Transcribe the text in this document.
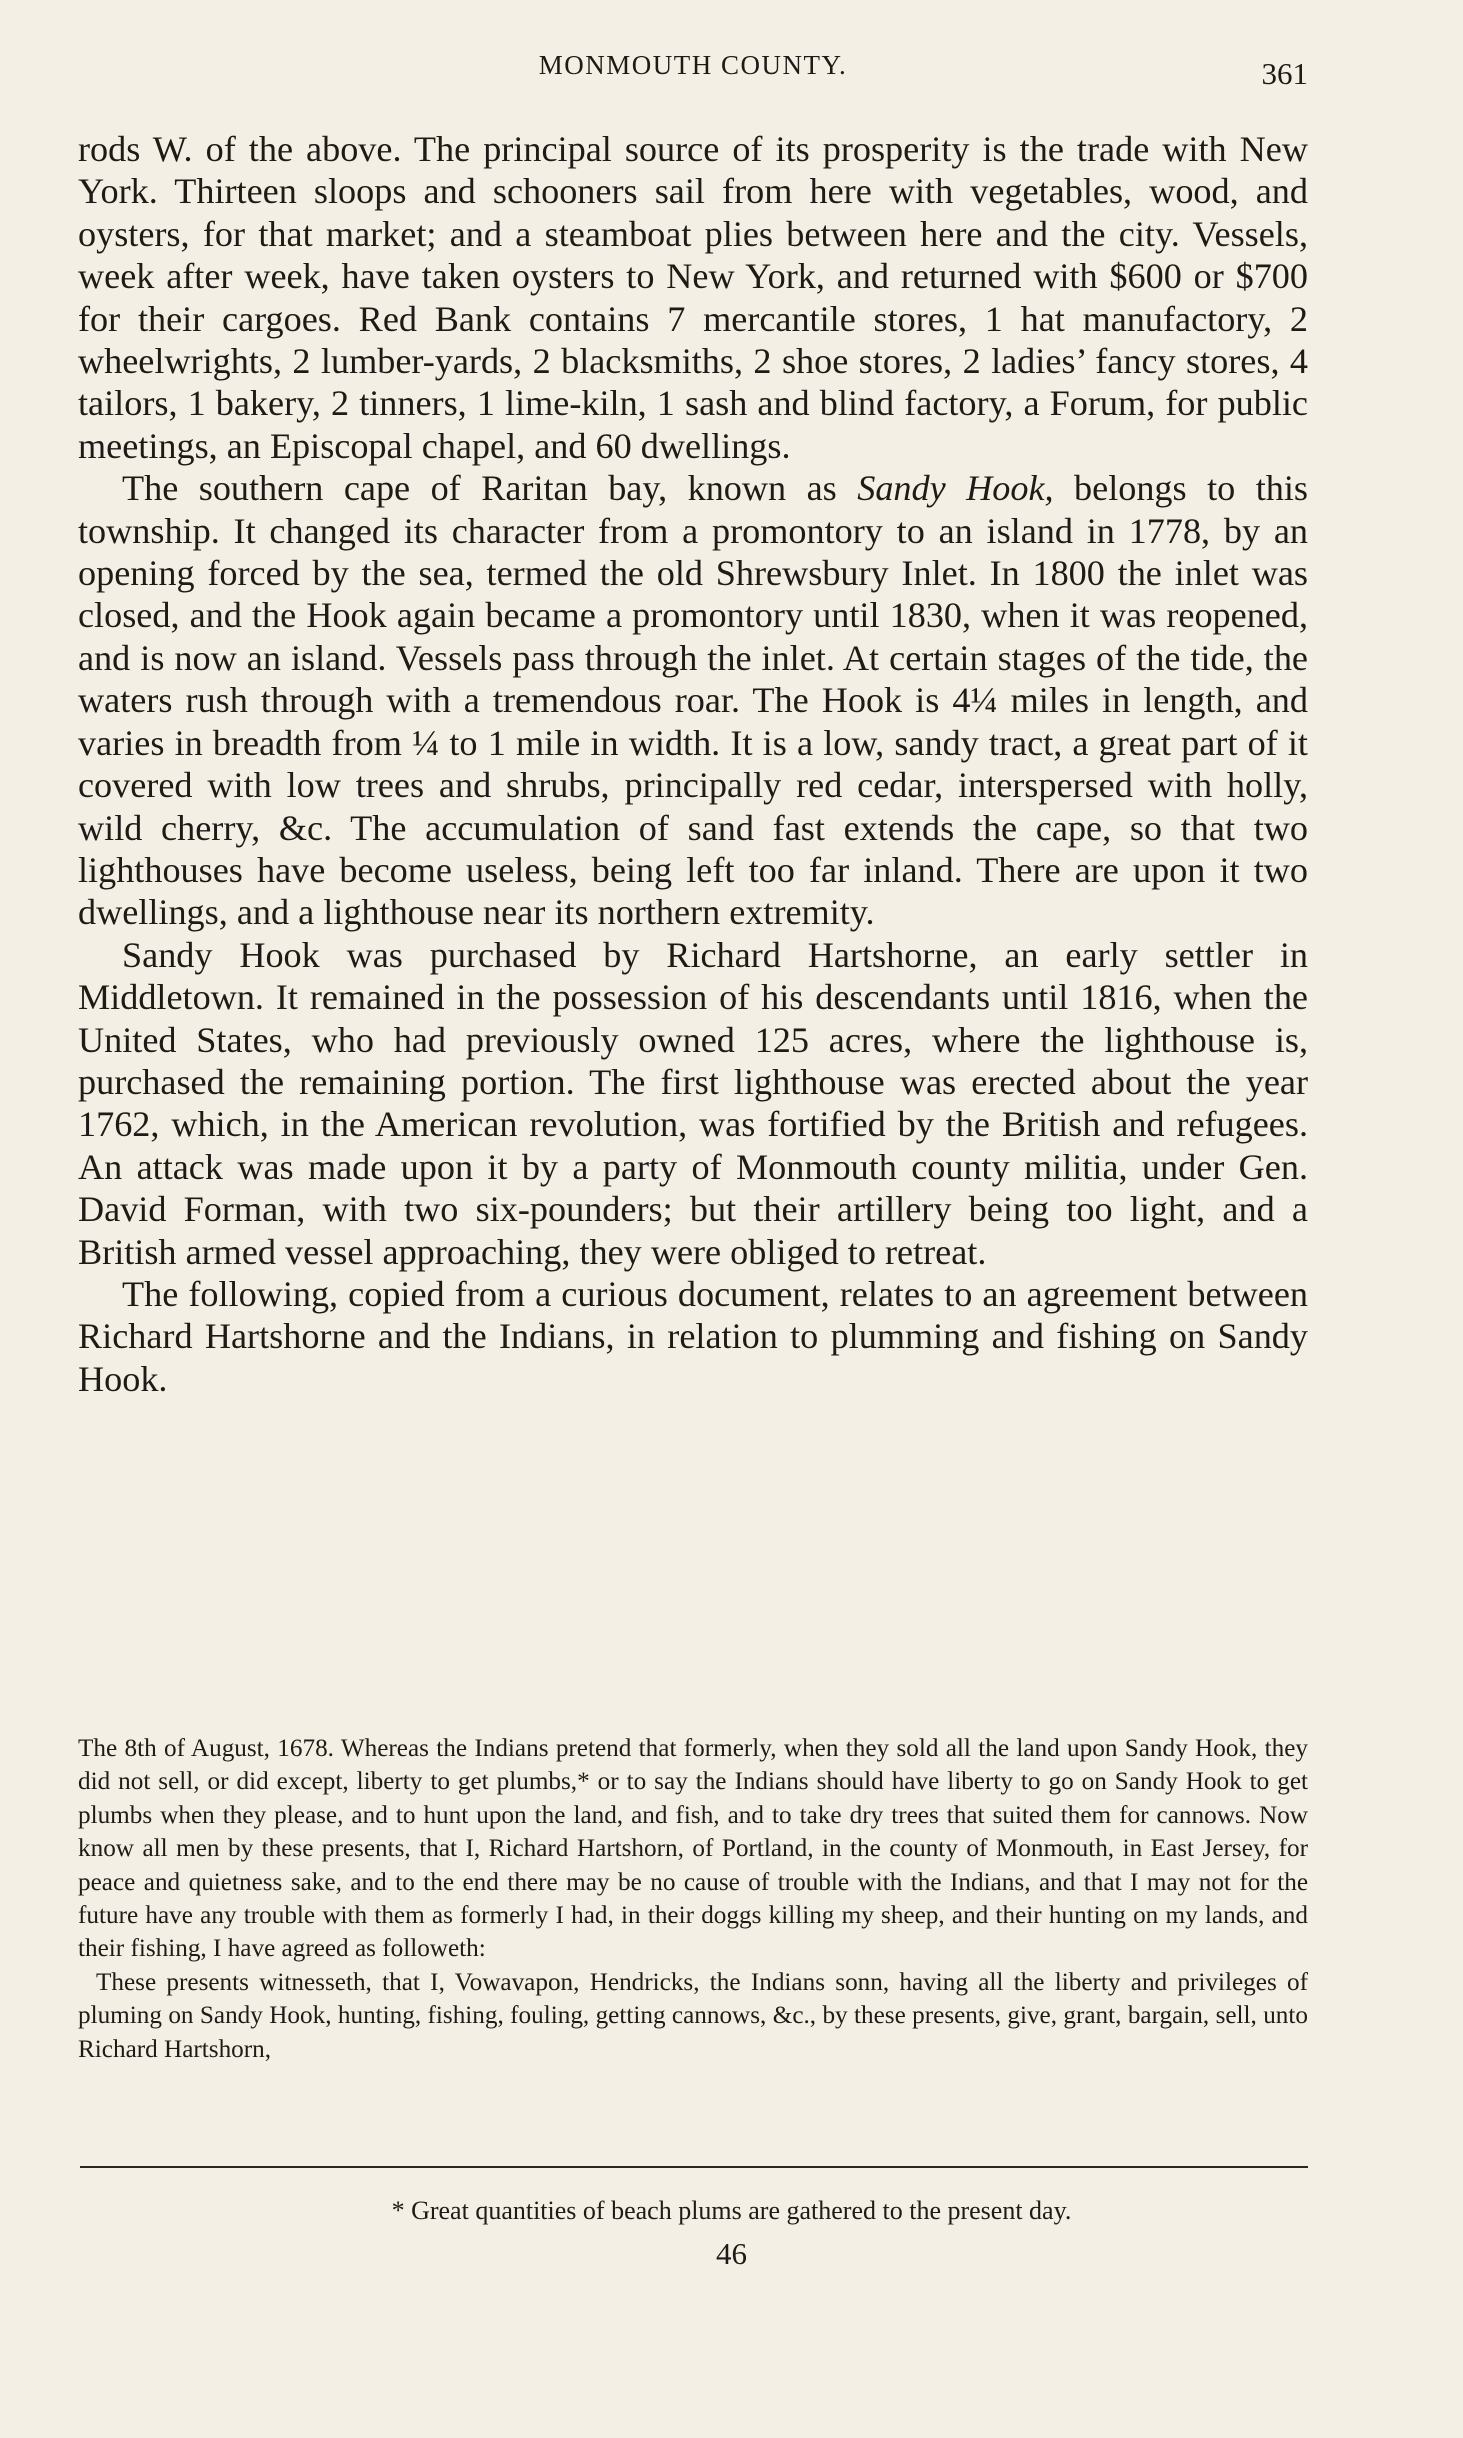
MONMOUTH COUNTY.	361

rods W. of the above. The principal source of its prosperity is the trade with New York. Thirteen sloops and schooners sail from here with vegetables, wood, and oysters, for that market; and a steamboat plies between here and the city. Vessels, week after week, have taken oysters to New York, and returned with $600 or $700 for their cargoes. Red Bank contains 7 mercantile stores, 1 hat manufactory, 2 wheelwrights, 2 lumber-yards, 2 blacksmiths, 2 shoe stores, 2 ladies’ fancy stores, 4 tailors, 1 bakery, 2 tinners, 1 lime-kiln, 1 sash and blind factory, a Forum, for public meetings, an Episcopal chapel, and 60 dwellings.

The southern cape of Raritan bay, known as Sandy Hook, belongs to this township. It changed its character from a promontory to an island in 1778, by an opening forced by the sea, termed the old Shrewsbury Inlet. In 1800 the inlet was closed, and the Hook again became a promontory until 1830, when it was reopened, and is now an island. Vessels pass through the inlet. At certain stages of the tide, the waters rush through with a tremendous roar. The Hook is 4¼ miles in length, and varies in breadth from ¼ to 1 mile in width. It is a low, sandy tract, a great part of it covered with low trees and shrubs, principally red cedar, interspersed with holly, wild cherry, &c. The accumulation of sand fast extends the cape, so that two lighthouses have become useless, being left too far inland. There are upon it two dwellings, and a lighthouse near its northern extremity.

Sandy Hook was purchased by Richard Hartshorne, an early settler in Middletown. It remained in the possession of his descendants until 1816, when the United States, who had previously owned 125 acres, where the lighthouse is, purchased the remaining portion. The first lighthouse was erected about the year 1762, which, in the American revolution, was fortified by the British and refugees. An attack was made upon it by a party of Monmouth county militia, under Gen. David Forman, with two six-pounders; but their artillery being too light, and a British armed vessel approaching, they were obliged to retreat.

The following, copied from a curious document, relates to an agreement between Richard Hartshorne and the Indians, in relation to plumming and fishing on Sandy Hook.

The 8th of August, 1678. Whereas the Indians pretend that formerly, when they sold all the land upon Sandy Hook, they did not sell, or did except, liberty to get plumbs,* or to say the Indians should have liberty to go on Sandy Hook to get plumbs when they please, and to hunt upon the land, and fish, and to take dry trees that suited them for cannows. Now know all men by these presents, that I, Richard Hartshorn, of Portland, in the county of Monmouth, in East Jersey, for peace and quietness sake, and to the end there may be no cause of trouble with the Indians, and that I may not for the future have any trouble with them as formerly I had, in their doggs killing my sheep, and their hunting on my lands, and their fishing, I have agreed as followeth:

These presents witnesseth, that I, Vowavapon, Hendricks, the Indians sonn, having all the liberty and privileges of pluming on Sandy Hook, hunting, fishing, fouling, getting cannows, &c., by these presents, give, grant, bargain, sell, unto Richard Hartshorn,

* Great quantities of beach plums are gathered to the present day.
46
